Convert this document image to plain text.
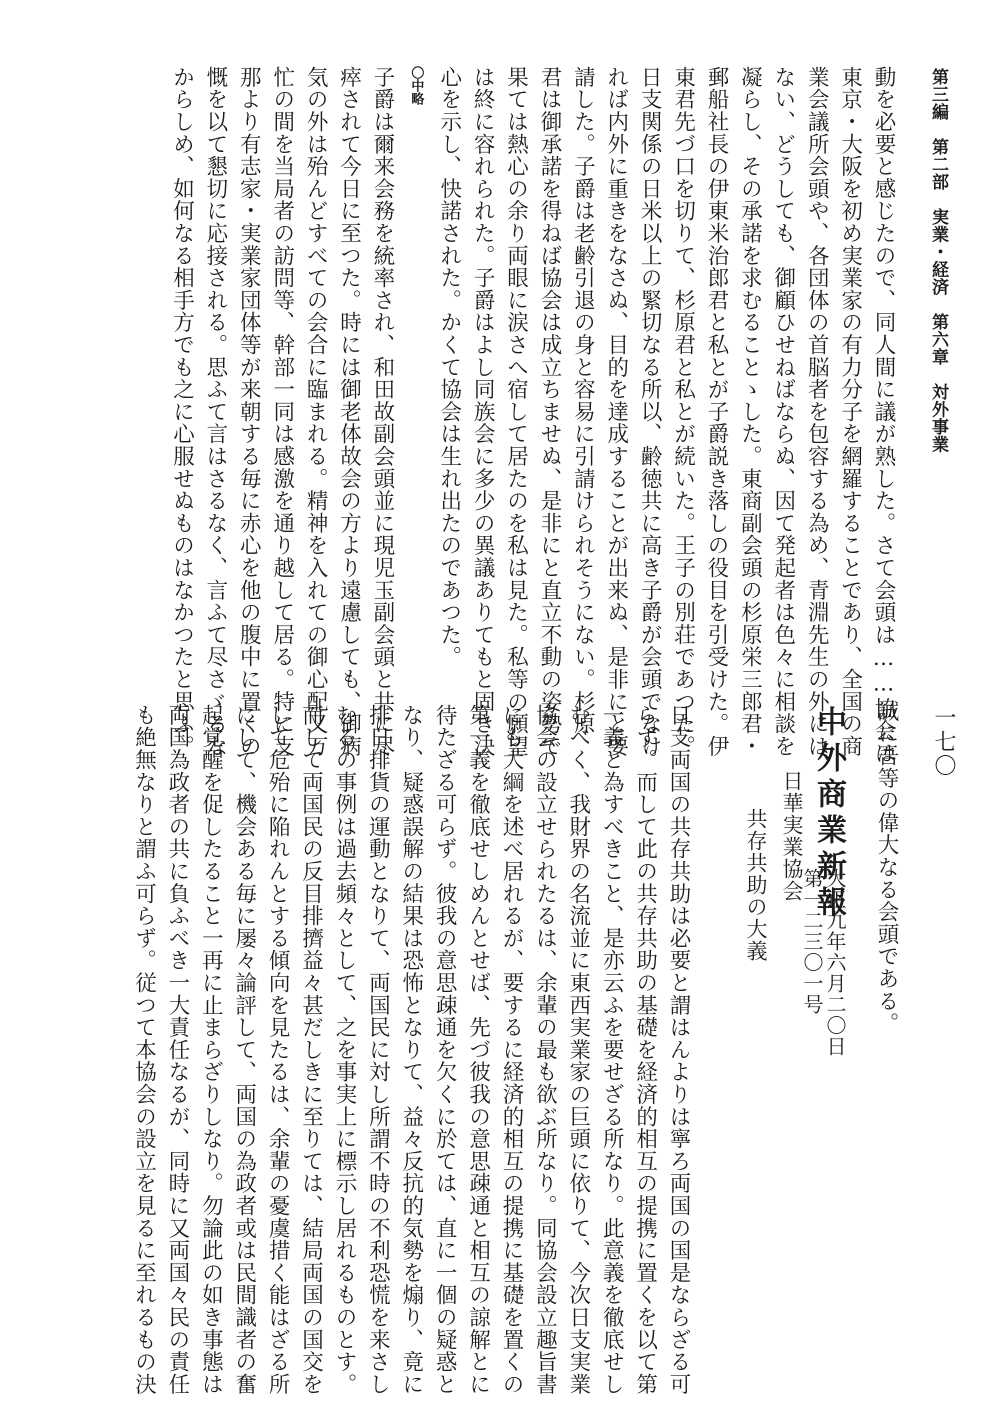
第三編　第二部　実業・経済　第六章　対外事業
動を必要と感じたので、同人間に議が熟した。さて会頭は……協会は
東京・大阪を初め実業家の有力分子を網羅することであり、全国の商
業会議所会頭や、各団体の首脳者を包容する為め、青淵先生の外には
ない、どうしても、御顧ひせねばならぬ、因て発起者は色々に相談を
凝らし、その承諾を求むることゝした。東商副会頭の杉原栄三郎君・
郵船社長の伊東米治郎君と私とが子爵説き落しの役目を引受けた。伊
東君先づ口を切りて、杉原君と私とが続いた。王子の別荘であつた。
日支関係の日米以上の緊切なる所以、齢徳共に高き子爵が会頭でなけ
れば内外に重きをなさぬ、目的を達成することが出来ぬ、是非にと要
請した。子爵は老齢引退の身と容易に引請けられそうにない。杉原
君は御承諾を得ねば協会は成立ちませぬ、是非にと直立不動の姿勢で
果ては熱心の余り両眼に涙さへ宿して居たのを私は見た。私等の願望
は終に容れられた。子爵はよし同族会に多少の異議ありてもと固き決
心を示し、快諾された。かくて協会は生れ出たのであつた。
〇中略
子爵は爾来会務を統率され、和田故副会頭並に現児玉副会頭と共に尽
瘁されて今日に至つた。時には御老体故会の方より遠慮しても、御病
気の外は殆んどすべての会合に臨まれる。精神を入れての御心配又万
忙の間を当局者の訪問等、幹部一同は感激を通り越して居る。特に支
那より有志家・実業家団体等が来朝する毎に赤心を他の腹中に置くの
慨を以て懇切に応接される。思ふて言はさるなく、言ふて尽さゞるな
からしめ、如何なる相手方でも之に心服せぬものはなかつたと思ふ。
誠に吾等の偉大なる会頭である。
中外商業新報
第一二三〇一号 大正九年六月二〇日
共存共助の大義 日華実業協会
日支両国の共存共助は必要と謂はんよりは寧ろ両国の国是ならざる可
らず。而して此の共存共助の基礎を経済的相互の提携に置くを以て第
一義と為すべきこと、是亦云ふを要せざる所なり。此意義を徹底せし
むべく、我財界の名流並に東西実業家の巨頭に依りて、今次日支実業
協会の設立せられたるは、余輩の最も欲ぶ所なり。同協会設立趣旨書
にも大綱を述べ居れるが、要するに経済的相互の提携に基礎を置くの
第一義を徹底せしめんとせば、先づ彼我の意思疎通と相互の諒解とに
待たざる可らず。彼我の意思疎通を欠くに於ては、直に一個の疑惑と
なり、疑惑誤解の結果は恐怖となりて、益々反抗的気勢を煽り、竟に
排日排貨の運動となりて、両国民に対し所謂不時の不利恐慌を来さし
むるの事例は過去頻々として、之を事実上に標示し居れるものとす。
而して両国民の反目排擠益々甚だしきに至りては、結局両国の国交を
して危殆に陥れんとする傾向を見たるは、余輩の憂虞措く能はざる所
にして、機会ある毎に屡々論評して、両国の為政者或は民間識者の奮
起覚醒を促したること一再に止まらざりしなり。勿論此の如き事態は
両国為政者の共に負ふべき一大責任なるが、同時に又両国々民の責任
も絶無なりと謂ふ可らず。従つて本協会の設立を見るに至れるもの決	一七〇
